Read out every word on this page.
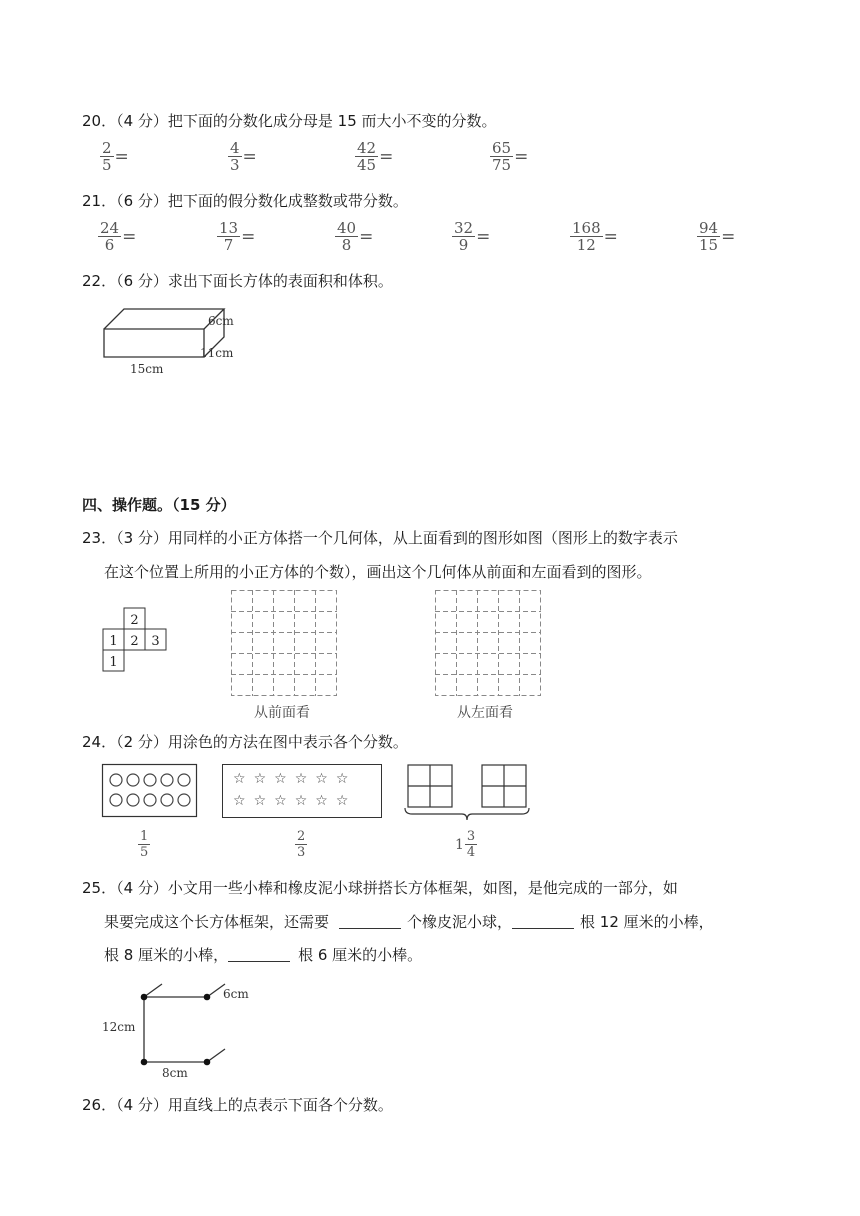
20．（4 分）把下面的分数化成分母是 15 而大小不变的分数。
$\frac{2}{5}$ =	$\frac{4}{3}$ =	$\frac{42}{45}$ =	$\frac{65}{75}$ =
21．（6 分）把下面的假分数化成整数或带分数。
$\frac{24}{6}$ =	$\frac{13}{7}$ =	$\frac{40}{8}$ =	$\frac{32}{9}$ =	$\frac{168}{12}$ =	$\frac{94}{15}$ =
22．（6 分）求出下面长方体的表面积和体积。
6cm
11cm
15cm
四、操作题。（15 分）
23．（3 分）用同样的小正方体搭一个几何体，从上面看到的图形如图（图形上的数字表示
在这个位置上所用的小正方体的个数），画出这个几何体从前面和左面看到的图形。
2
1 2 3
1
从前面看	从左面看
24．（2 分）用涂色的方法在图中表示各个分数。
☆ ☆ ☆ ☆ ☆ ☆
☆ ☆ ☆ ☆ ☆ ☆
$\frac{1}{5}$	$\frac{2}{3}$	$1 \frac{3}{4}$
25．（4 分）小文用一些小棒和橡皮泥小球拼搭长方体框架，如图，是他完成的一部分，如
果要完成这个长方体框架，还需要	个橡皮泥小球，	根 12 厘米的小棒，
根 8 厘米的小棒，	根 6 厘米的小棒。
6cm
12cm
8cm
26．（4 分）用直线上的点表示下面各个分数。
